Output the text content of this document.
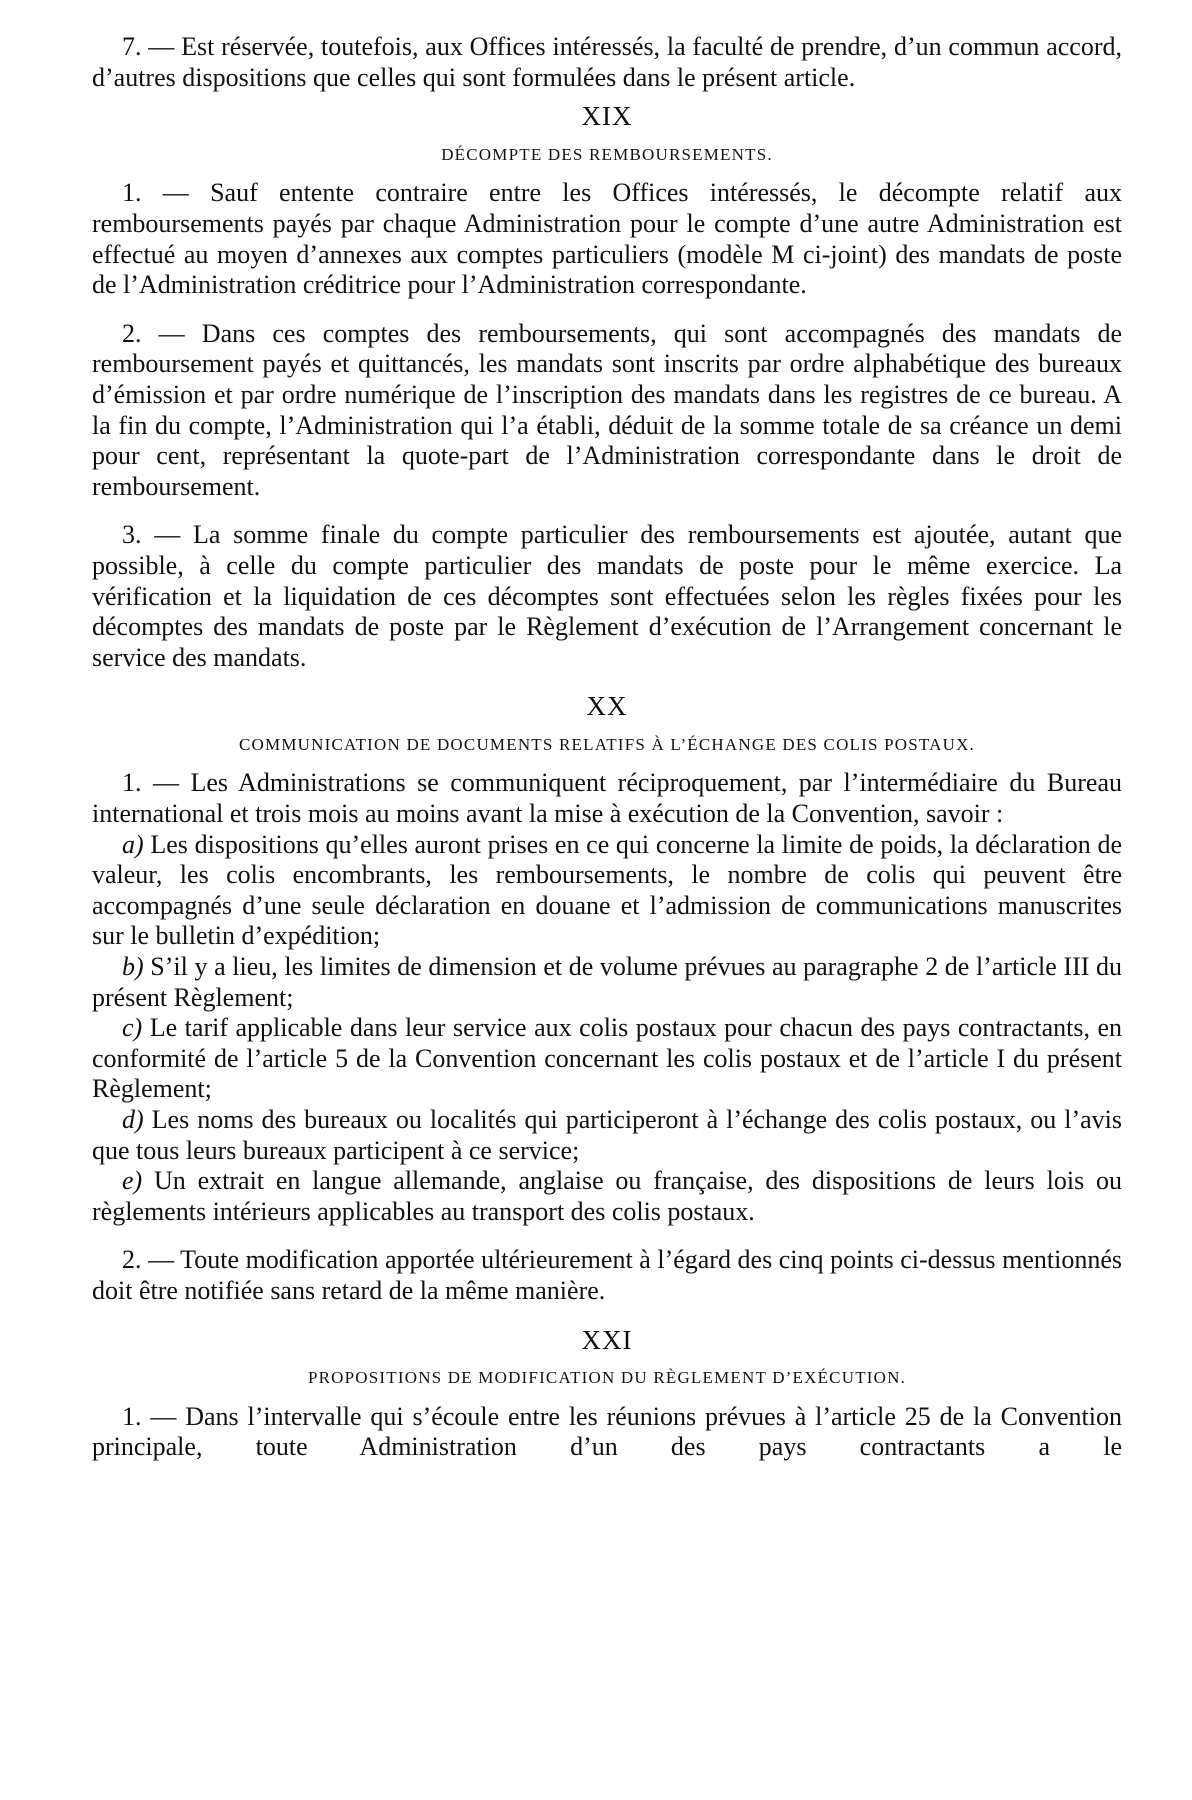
7. — Est réservée, toutefois, aux Offices intéressés, la faculté de prendre, d’un commun accord, d’autres dispositions que celles qui sont formulées dans le présent article.

XIX
DÉCOMPTE DES REMBOURSEMENTS.

1. — Sauf entente contraire entre les Offices intéressés, le décompte relatif aux remboursements payés par chaque Administration pour le compte d’une autre Administration est effectué au moyen d’annexes aux comptes particuliers (modèle M ci-joint) des mandats de poste de l’Administration créditrice pour l’Administration correspondante.

2. — Dans ces comptes des remboursements, qui sont accompagnés des mandats de remboursement payés et quittancés, les mandats sont inscrits par ordre alphabétique des bureaux d’émission et par ordre numérique de l’inscription des mandats dans les registres de ce bureau. A la fin du compte, l’Administration qui l’a établi, déduit de la somme totale de sa créance un demi pour cent, représentant la quote-part de l’Administration correspondante dans le droit de remboursement.

3. — La somme finale du compte particulier des remboursements est ajoutée, autant que possible, à celle du compte particulier des mandats de poste pour le même exercice. La vérification et la liquidation de ces décomptes sont effectuées selon les règles fixées pour les décomptes des mandats de poste par le Règlement d’exécution de l’Arrangement concernant le service des mandats.

XX
COMMUNICATION DE DOCUMENTS RELATIFS À L’ÉCHANGE DES COLIS POSTAUX.

1. — Les Administrations se communiquent réciproquement, par l’intermédiaire du Bureau international et trois mois au moins avant la mise à exécution de la Convention, savoir :

a) Les dispositions qu’elles auront prises en ce qui concerne la limite de poids, la déclaration de valeur, les colis encombrants, les remboursements, le nombre de colis qui peuvent être accompagnés d’une seule déclaration en douane et l’admission de communications manuscrites sur le bulletin d’expédition;

b) S’il y a lieu, les limites de dimension et de volume prévues au paragraphe 2 de l’article III du présent Règlement;

c) Le tarif applicable dans leur service aux colis postaux pour chacun des pays contractants, en conformité de l’article 5 de la Convention concernant les colis postaux et de l’article I du présent Règlement;

d) Les noms des bureaux ou localités qui participeront à l’échange des colis postaux, ou l’avis que tous leurs bureaux participent à ce service;

e) Un extrait en langue allemande, anglaise ou française, des dispositions de leurs lois ou règlements intérieurs applicables au transport des colis postaux.

2. — Toute modification apportée ultérieurement à l’égard des cinq points ci-dessus mentionnés doit être notifiée sans retard de la même manière.

XXI
PROPOSITIONS DE MODIFICATION DU RÈGLEMENT D’EXÉCUTION.

1. — Dans l’intervalle qui s’écoule entre les réunions prévues à l’article 25 de la Convention principale, toute Administration d’un des pays contractants a le
